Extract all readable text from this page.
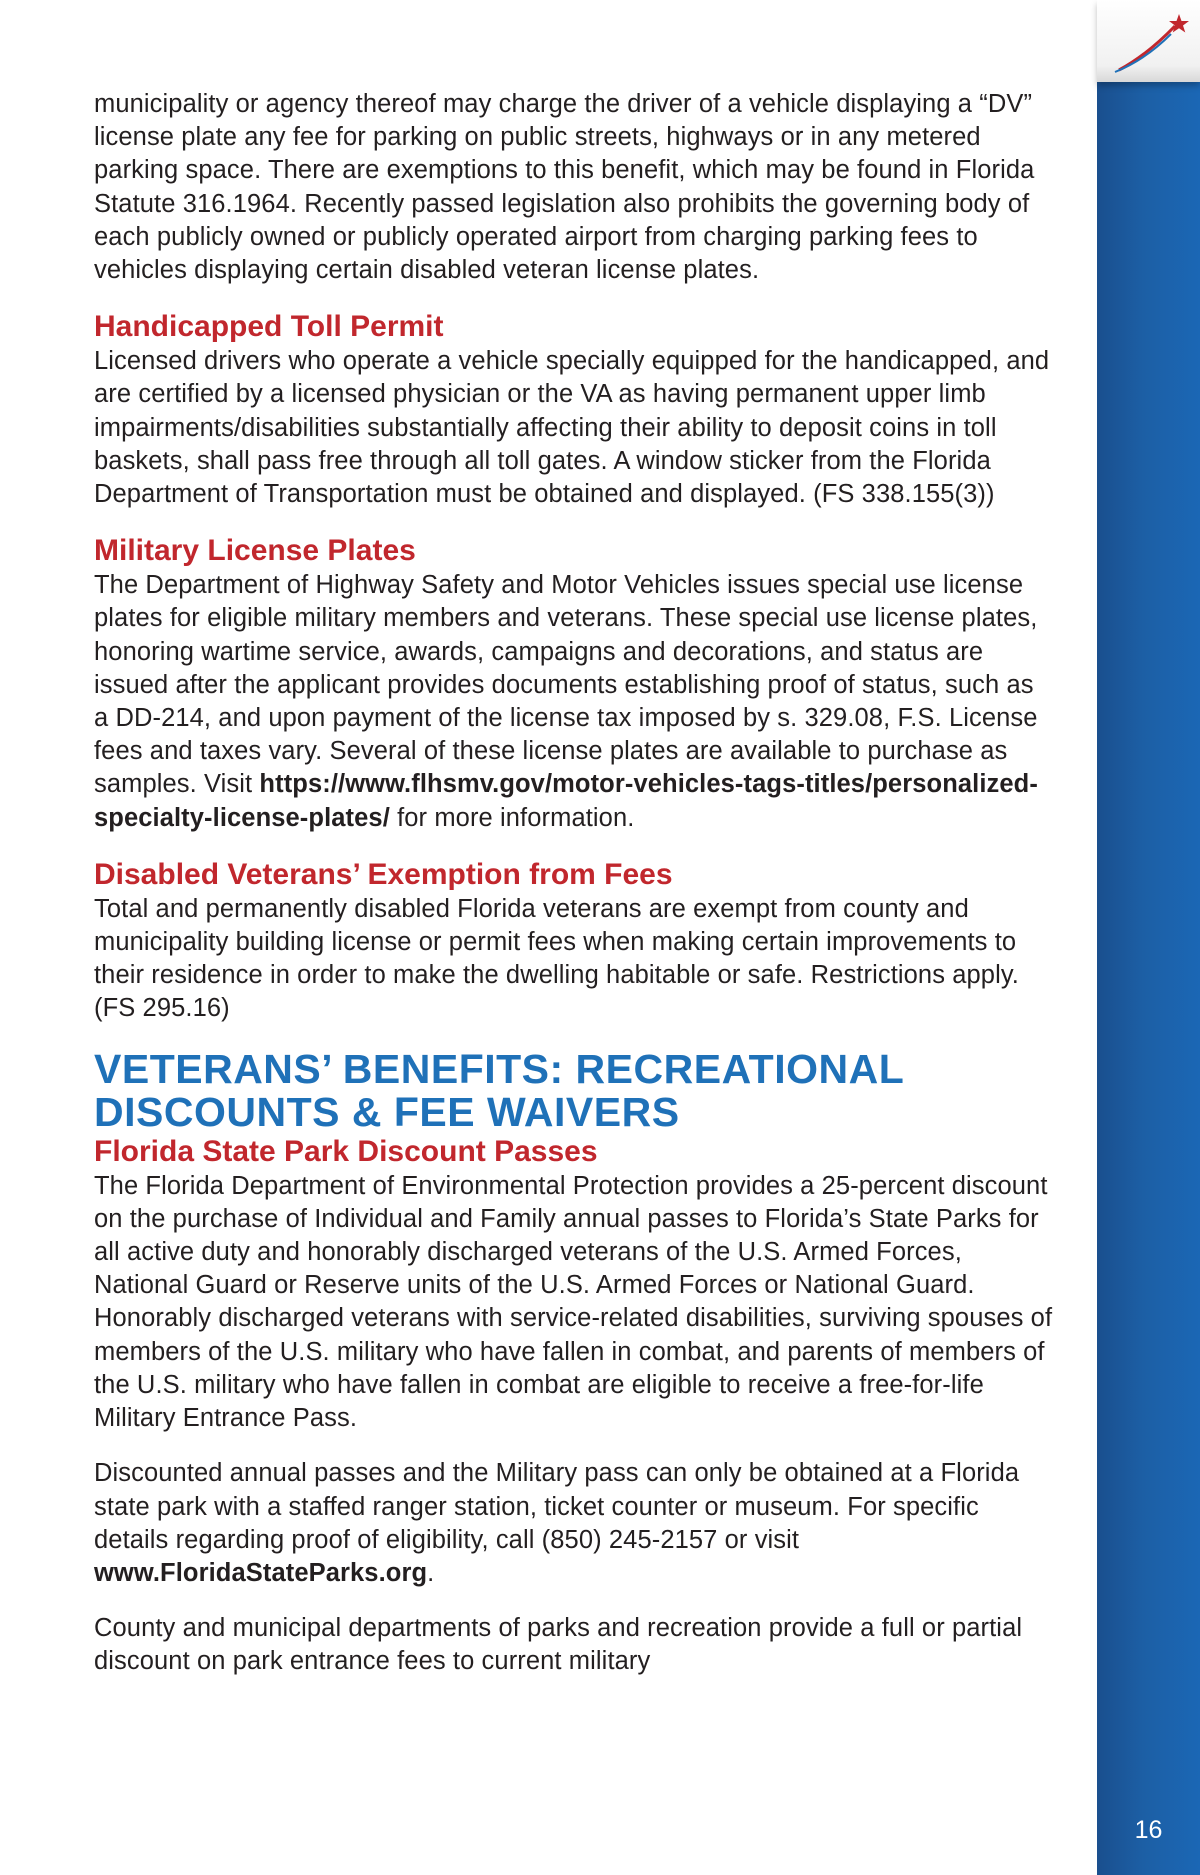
municipality or agency thereof may charge the driver of a vehicle displaying a “DV” license plate any fee for parking on public streets, highways or in any metered parking space. There are exemptions to this benefit, which may be found in Florida Statute 316.1964. Recently passed legislation also prohibits the governing body of each publicly owned or publicly operated airport from charging parking fees to vehicles displaying certain disabled veteran license plates.

Handicapped Toll Permit

Licensed drivers who operate a vehicle specially equipped for the handicapped, and are certified by a licensed physician or the VA as having permanent upper limb impairments/disabilities substantially affecting their ability to deposit coins in toll baskets, shall pass free through all toll gates. A window sticker from the Florida Department of Transportation must be obtained and displayed. (FS 338.155(3))

Military License Plates

The Department of Highway Safety and Motor Vehicles issues special use license plates for eligible military members and veterans. These special use license plates, honoring wartime service, awards, campaigns and decorations, and status are issued after the applicant provides documents establishing proof of status, such as a DD-214, and upon payment of the license tax imposed by s. 329.08, F.S. License fees and taxes vary. Several of these license plates are available to purchase as samples. Visit https://www.flhsmv.gov/motor-vehicles-tags-titles/personalized-specialty-license-plates/ for more information.

Disabled Veterans’ Exemption from Fees

Total and permanently disabled Florida veterans are exempt from county and municipality building license or permit fees when making certain improvements to their residence in order to make the dwelling habitable or safe. Restrictions apply. (FS 295.16)

VETERANS’ BENEFITS: RECREATIONAL
DISCOUNTS & FEE WAIVERS
Florida State Park Discount Passes

The Florida Department of Environmental Protection provides a 25-percent discount on the purchase of Individual and Family annual passes to Florida’s State Parks for all active duty and honorably discharged veterans of the U.S. Armed Forces, National Guard or Reserve units of the U.S. Armed Forces or National Guard. Honorably discharged veterans with service-related disabilities, surviving spouses of members of the U.S. military who have fallen in combat, and parents of members of the U.S. military who have fallen in combat are eligible to receive a free-for-life Military Entrance Pass.

Discounted annual passes and the Military pass can only be obtained at a Florida state park with a staffed ranger station, ticket counter or museum. For specific details regarding proof of eligibility, call (850) 245-2157 or visit www.FloridaStateParks.org.

County and municipal departments of parks and recreation provide a full or partial discount on park entrance fees to current military

16
